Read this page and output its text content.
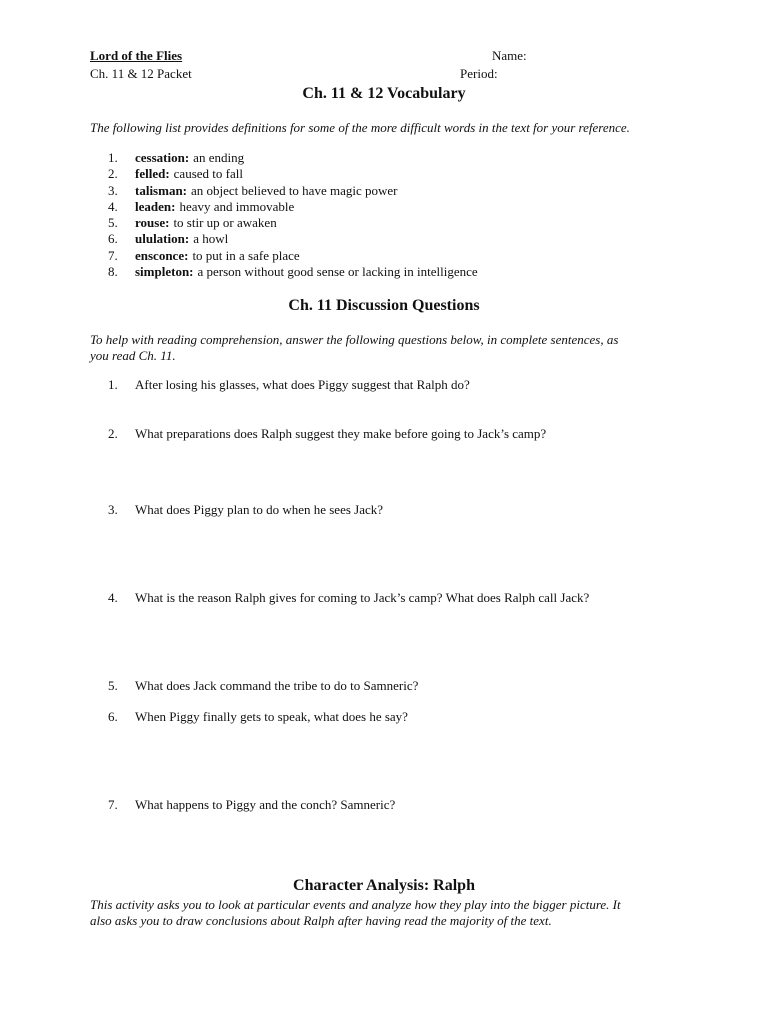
Lord of the Flies
Ch. 11 & 12 Packet
Name:
Period:
Ch. 11 & 12 Vocabulary
The following list provides definitions for some of the more difficult words in the text for your reference.
1.	cessation: an ending
2.	felled: caused to fall
3.	talisman: an object believed to have magic power
4.	leaden: heavy and immovable
5.	rouse: to stir up or awaken
6.	ululation: a howl
7.	ensconce: to put in a safe place
8.	simpleton: a person without good sense or lacking in intelligence
Ch. 11 Discussion Questions
To help with reading comprehension, answer the following questions below, in complete sentences, as
you read Ch. 11.
1.	After losing his glasses, what does Piggy suggest that Ralph do?
2.	What preparations does Ralph suggest they make before going to Jack’s camp?
3.	What does Piggy plan to do when he sees Jack?
4.	What is the reason Ralph gives for coming to Jack’s camp? What does Ralph call Jack?
5.	What does Jack command the tribe to do to Samneric?
6.	When Piggy finally gets to speak, what does he say?
7.	What happens to Piggy and the conch? Samneric?
Character Analysis: Ralph
This activity asks you to look at particular events and analyze how they play into the bigger picture. It
also asks you to draw conclusions about Ralph after having read the majority of the text.
